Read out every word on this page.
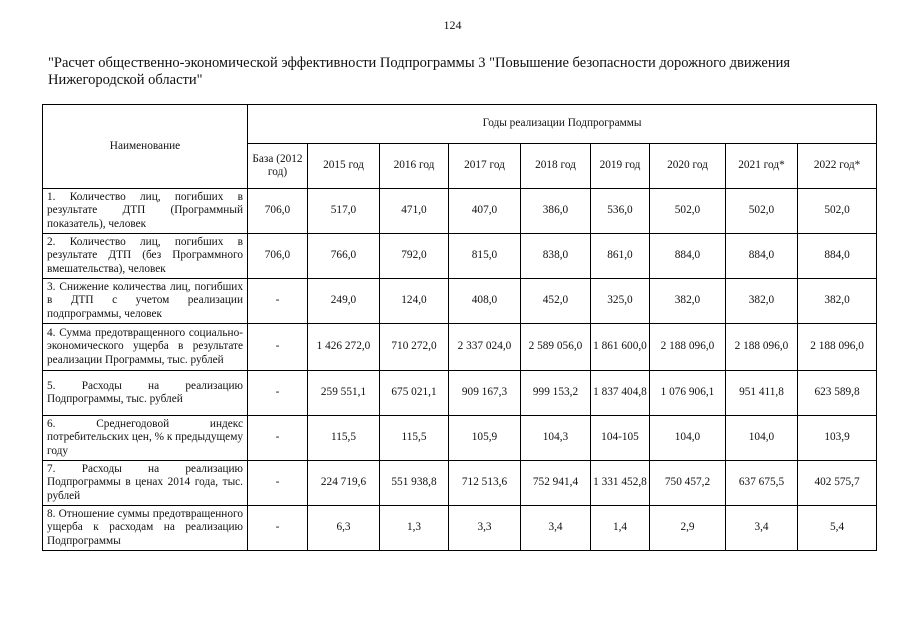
124
"Расчет общественно-экономической эффективности Подпрограммы 3 "Повышение безопасности дорожного движения Нижегородской области"
Наименование	Годы реализации Подпрограммы								
	База (2012 год)	2015 год	2016 год	2017 год	2018 год	2019 год	2020 год	2021 год*	2022 год*
1. Количество лиц, погибших в результате ДТП (Программный показатель), человек	706,0	517,0	471,0	407,0	386,0	536,0	502,0	502,0	502,0
2. Количество лиц, погибших в результате ДТП (без Программного вмешательства), человек	706,0	766,0	792,0	815,0	838,0	861,0	884,0	884,0	884,0
3. Снижение количества лиц, погибших в ДТП с учетом реализации подпрограммы, человек	-	249,0	124,0	408,0	452,0	325,0	382,0	382,0	382,0
4. Сумма предотвращенного социально-экономического ущерба в результате реализации Программы, тыс. рублей	-	1 426 272,0	710 272,0	2 337 024,0	2 589 056,0	1 861 600,0	2 188 096,0	2 188 096,0	2 188 096,0
5. Расходы на реализацию Подпрограммы, тыс. рублей	-	259 551,1	675 021,1	909 167,3	999 153,2	1 837 404,8	1 076 906,1	951 411,8	623 589,8
6. Среднегодовой индекс потребительских цен, % к предыдущему году	-	115,5	115,5	105,9	104,3	104-105	104,0	104,0	103,9
7. Расходы на реализацию Подпрограммы в ценах 2014 года, тыс. рублей	-	224 719,6	551 938,8	712 513,6	752 941,4	1 331 452,8	750 457,2	637 675,5	402 575,7
8. Отношение суммы предотвращенного ущерба к расходам на реализацию Подпрограммы	-	6,3	1,3	3,3	3,4	1,4	2,9	3,4	5,4
